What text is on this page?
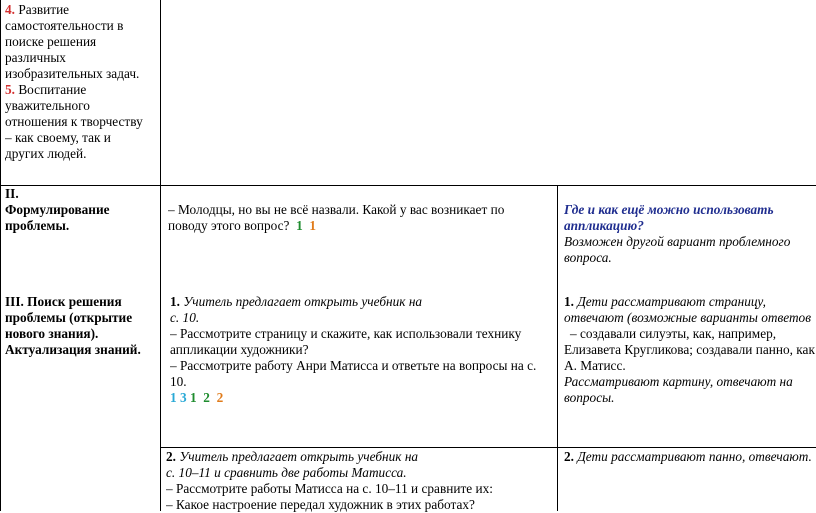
4. Развитие
самостоятельности в
поиске решения
различных
изобразительных задач.
5. Воспитание
уважительного
отношения к творчеству
– как своему, так и
других людей.
II.
Формулирование
проблемы.
– Молодцы, но вы не всё назвали. Какой у вас возникает по
поводу этого вопрос? 1 1
Где и как ещё можно использовать
аппликацию?
Возможен другой вариант проблемного
вопроса.
III. Поиск решения
проблемы (открытие
нового знания).
Актуализация знаний.
1. Учитель предлагает открыть учебник на
с. 10.
– Рассмотрите страницу и скажите, как использовали технику
аппликации художники?
– Рассмотрите работу Анри Матисса и ответьте на вопросы на с.
10.
1 3 1 2 2
1. Дети рассматривают страницу,
отвечают (возможные варианты ответов
– создавали силуэты, как, например,
Елизавета Кругликова; создавали панно, как
А. Матисс.
Рассматривают картину, отвечают на
вопросы.
2. Учитель предлагает открыть учебник на
с. 10–11 и сравнить две работы Матисса.
– Рассмотрите работы Матисса на с. 10–11 и сравните их:
– Какое настроение передал художник в этих работах?
2. Дети рассматривают панно, отвечают.
